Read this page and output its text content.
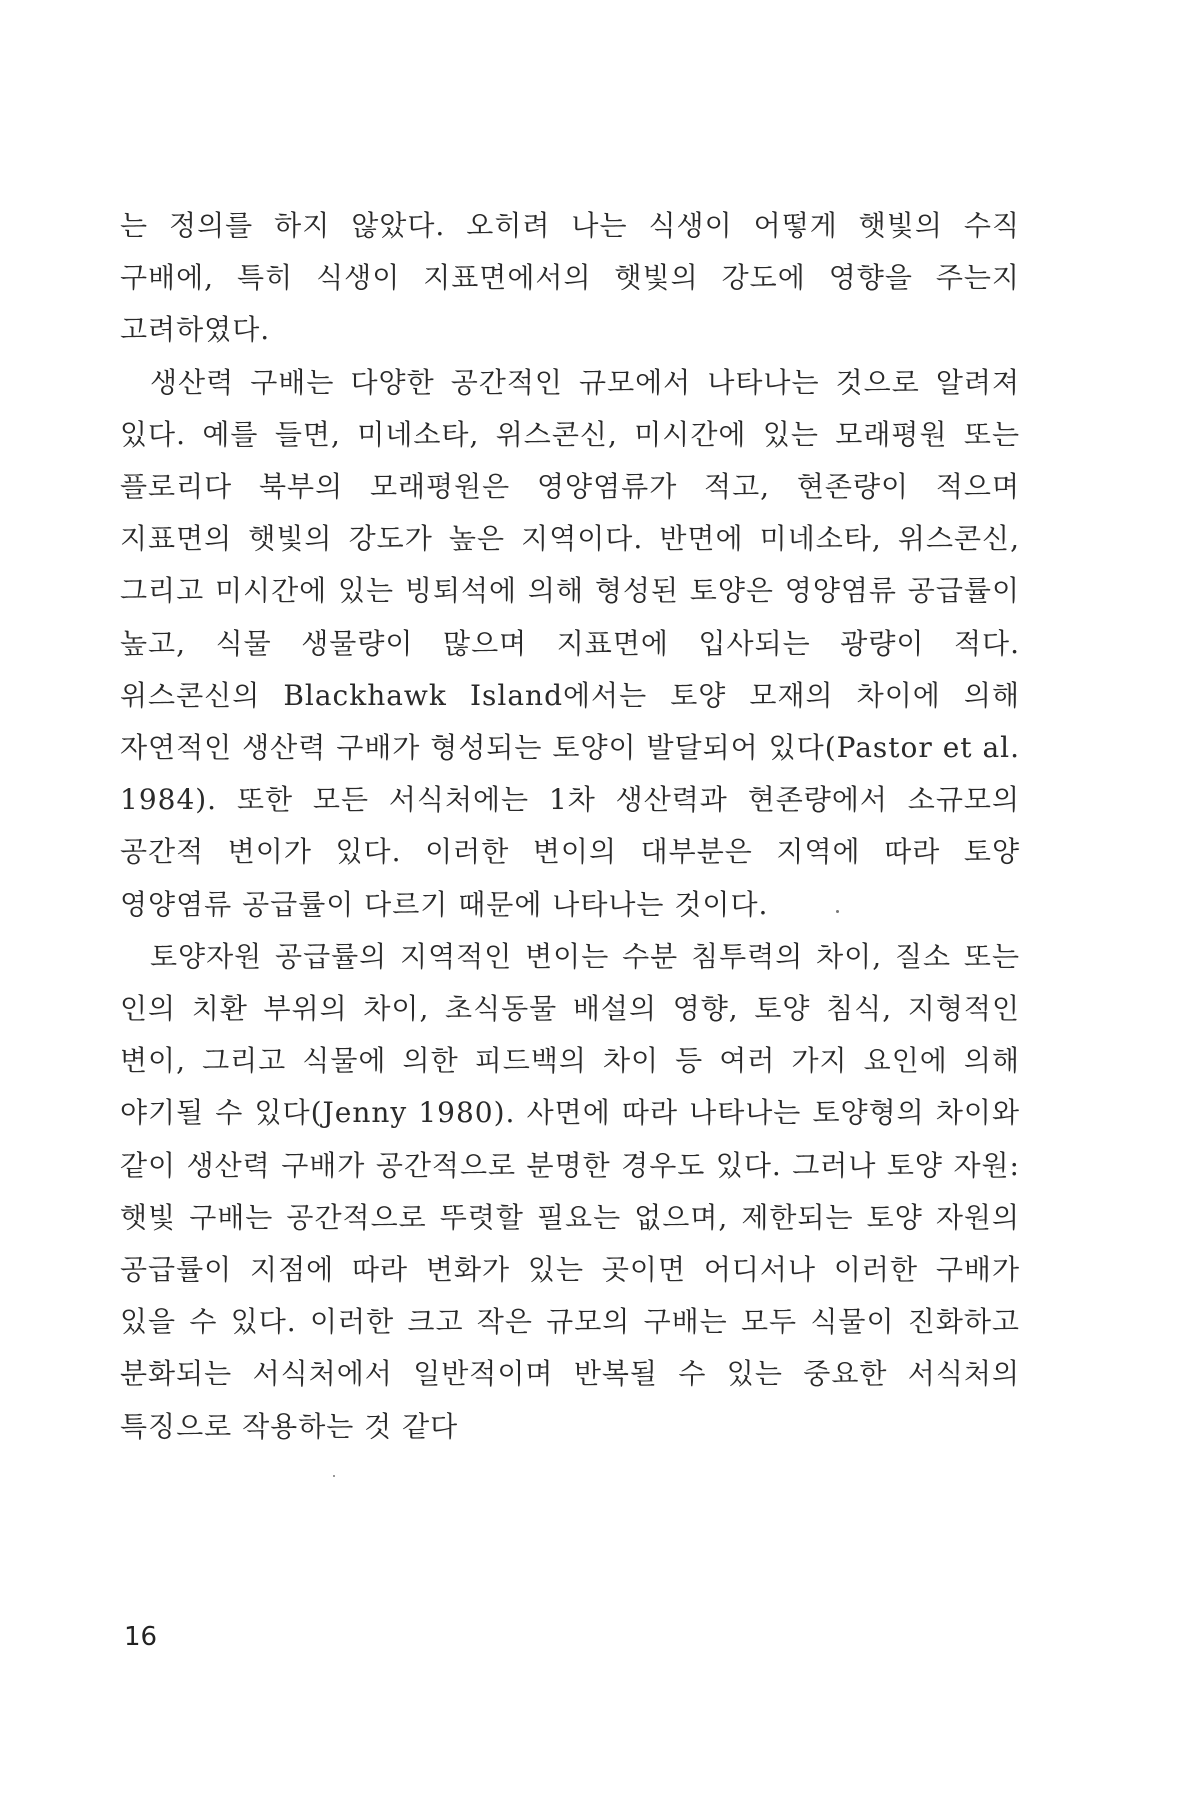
는 정의를 하지 않았다. 오히려 나는 식생이 어떻게 햇빛의 수직 구배에, 특히 식생이 지표면에서의 햇빛의 강도에 영향을 주는지 고려하였다.

생산력 구배는 다양한 공간적인 규모에서 나타나는 것으로 알려져 있다. 예를 들면, 미네소타, 위스콘신, 미시간에 있는 모래평원 또는 플로리다 북부의 모래평원은 영양염류가 적고, 현존량이 적으며 지표면의 햇빛의 강도가 높은 지역이다. 반면에 미네소타, 위스콘신, 그리고 미시간에 있는 빙퇴석에 의해 형성된 토양은 영양염류 공급률이 높고, 식물 생물량이 많으며 지표면에 입사되는 광량이 적다. 위스콘신의 Blackhawk Island에서는 토양 모재의 차이에 의해 자연적인 생산력 구배가 형성되는 토양이 발달되어 있다(Pastor et al. 1984). 또한 모든 서식처에는 1차 생산력과 현존량에서 소규모의 공간적 변이가 있다. 이러한 변이의 대부분은 지역에 따라 토양 영양염류 공급률이 다르기 때문에 나타나는 것이다.

토양자원 공급률의 지역적인 변이는 수분 침투력의 차이, 질소 또는 인의 치환 부위의 차이, 초식동물 배설의 영향, 토양 침식, 지형적인 변이, 그리고 식물에 의한 피드백의 차이 등 여러 가지 요인에 의해 야기될 수 있다(Jenny 1980). 사면에 따라 나타나는 토양형의 차이와 같이 생산력 구배가 공간적으로 분명한 경우도 있다. 그러나 토양 자원:햇빛 구배는 공간적으로 뚜렷할 필요는 없으며, 제한되는 토양 자원의 공급률이 지점에 따라 변화가 있는 곳이면 어디서나 이러한 구배가 있을 수 있다. 이러한 크고 작은 규모의 구배는 모두 식물이 진화하고 분화되는 서식처에서 일반적이며 반복될 수 있는 중요한 서식처의 특징으로 작용하는 것 같다

16
